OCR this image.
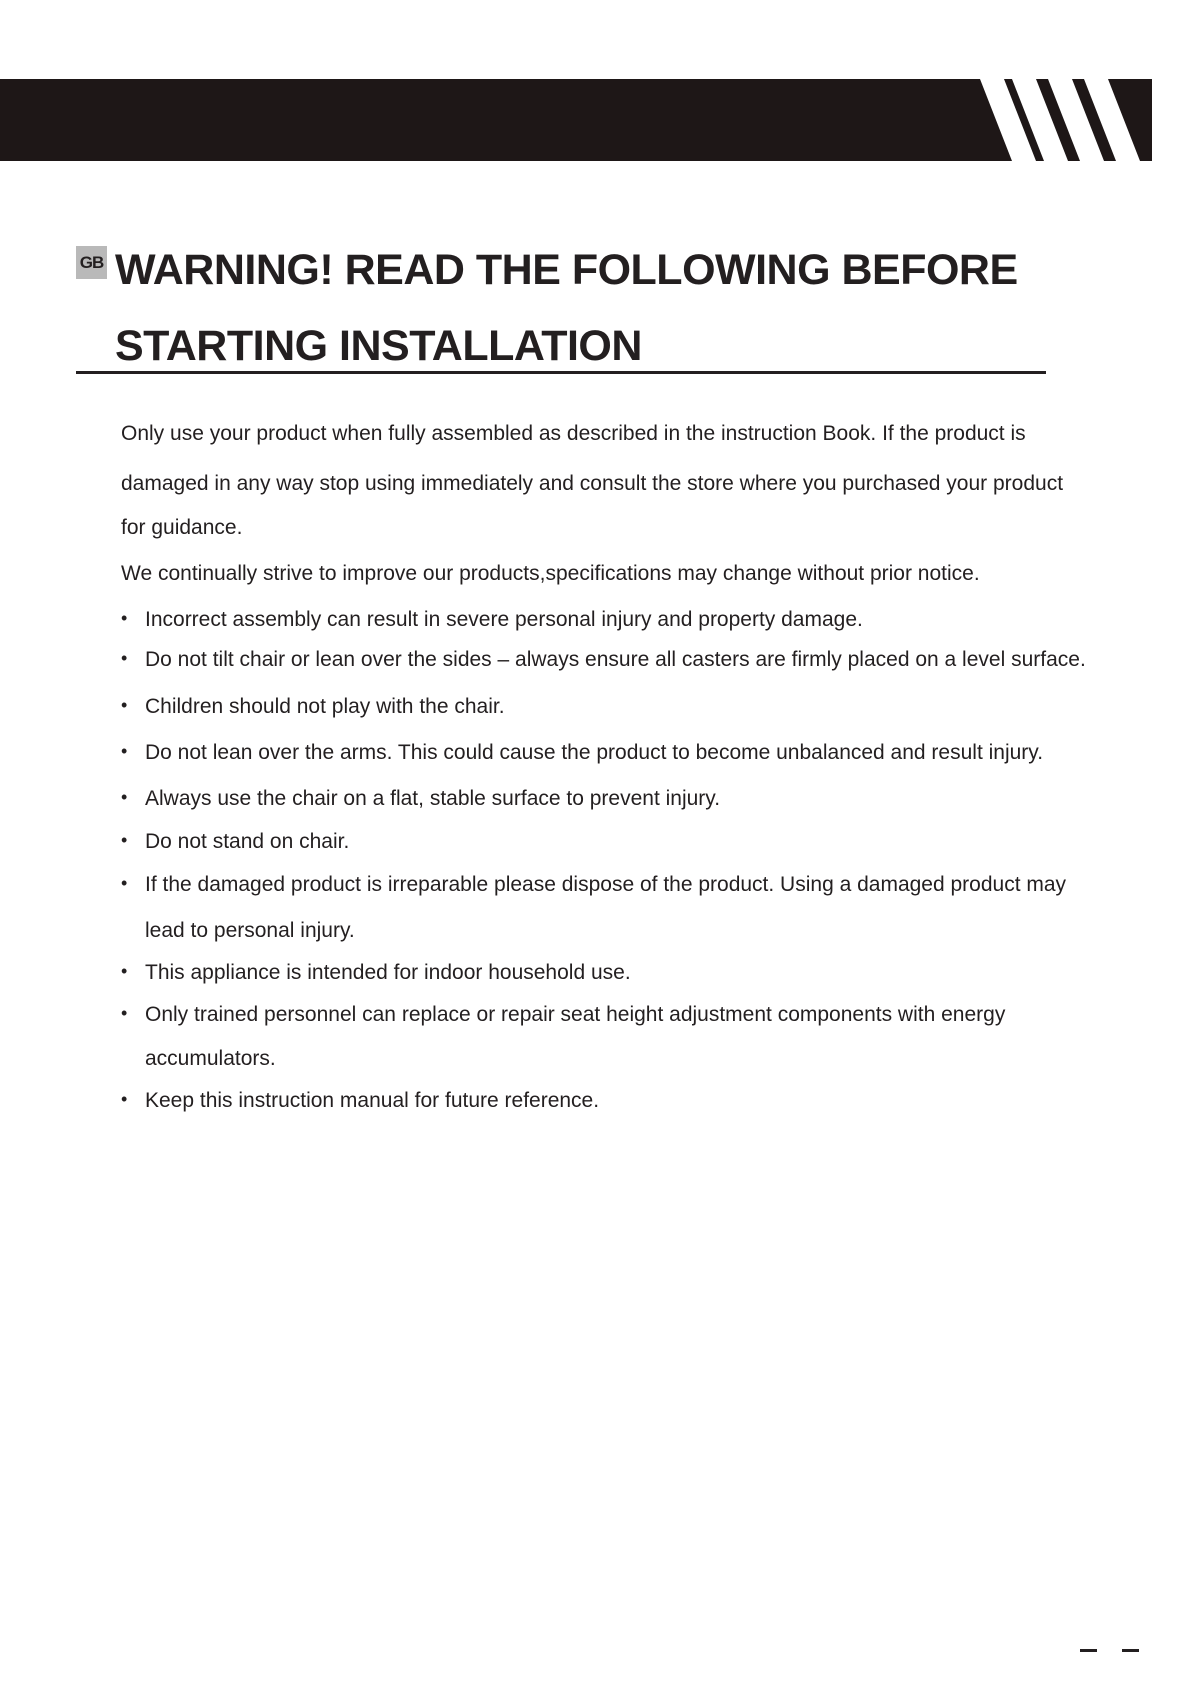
GB WARNING! READ THE FOLLOWING BEFORE
STARTING INSTALLATION
Only use your product when fully assembled as described in the instruction Book. If the product is
damaged in any way stop using immediately and consult the store where you purchased your product
for guidance.
We continually strive to improve our products,specifications may change without prior notice.
• Incorrect assembly can result in severe personal injury and property damage.
• Do not tilt chair or lean over the sides – always ensure all casters are firmly placed on a level surface.
• Children should not play with the chair.
• Do not lean over the arms. This could cause the product to become unbalanced and result injury.
• Always use the chair on a flat, stable surface to prevent injury.
• Do not stand on chair.
• If the damaged product is irreparable please dispose of the product. Using a damaged product may
lead to personal injury.
• This appliance is intended for indoor household use.
• Only trained personnel can replace or repair seat height adjustment components with energy
accumulators.
• Keep this instruction manual for future reference.
